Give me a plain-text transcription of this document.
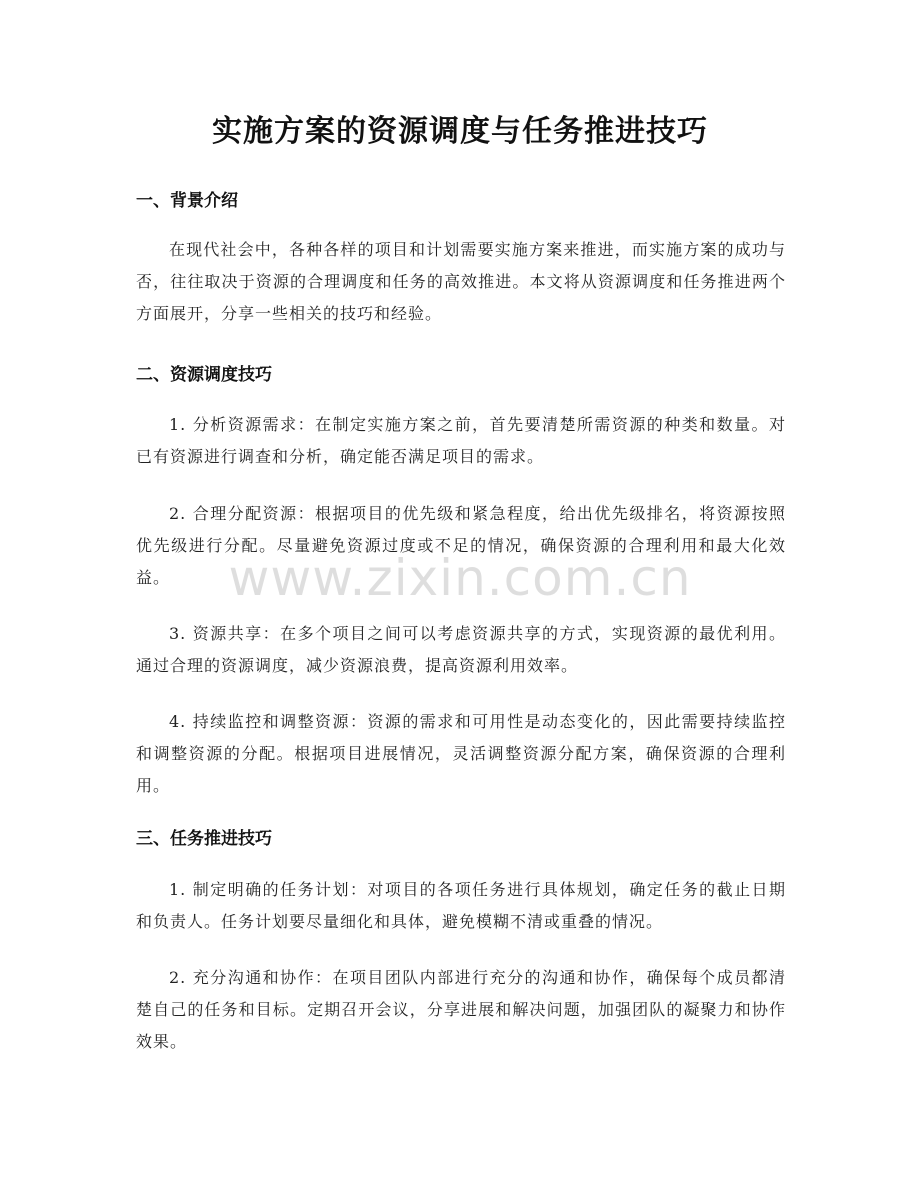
实施方案的资源调度与任务推进技巧
一、背景介绍
在现代社会中，各种各样的项目和计划需要实施方案来推进，而实施方案的成功与否，往往取决于资源的合理调度和任务的高效推进。本文将从资源调度和任务推进两个方面展开，分享一些相关的技巧和经验。
二、资源调度技巧
1. 分析资源需求：在制定实施方案之前，首先要清楚所需资源的种类和数量。对已有资源进行调查和分析，确定能否满足项目的需求。
2. 合理分配资源：根据项目的优先级和紧急程度，给出优先级排名，将资源按照优先级进行分配。尽量避免资源过度或不足的情况，确保资源的合理利用和最大化效益。
3. 资源共享：在多个项目之间可以考虑资源共享的方式，实现资源的最优利用。通过合理的资源调度，减少资源浪费，提高资源利用效率。
4. 持续监控和调整资源：资源的需求和可用性是动态变化的，因此需要持续监控和调整资源的分配。根据项目进展情况，灵活调整资源分配方案，确保资源的合理利用。
三、任务推进技巧
1. 制定明确的任务计划：对项目的各项任务进行具体规划，确定任务的截止日期和负责人。任务计划要尽量细化和具体，避免模糊不清或重叠的情况。
2. 充分沟通和协作：在项目团队内部进行充分的沟通和协作，确保每个成员都清楚自己的任务和目标。定期召开会议，分享进展和解决问题，加强团队的凝聚力和协作效果。
www.zixin.com.cn
